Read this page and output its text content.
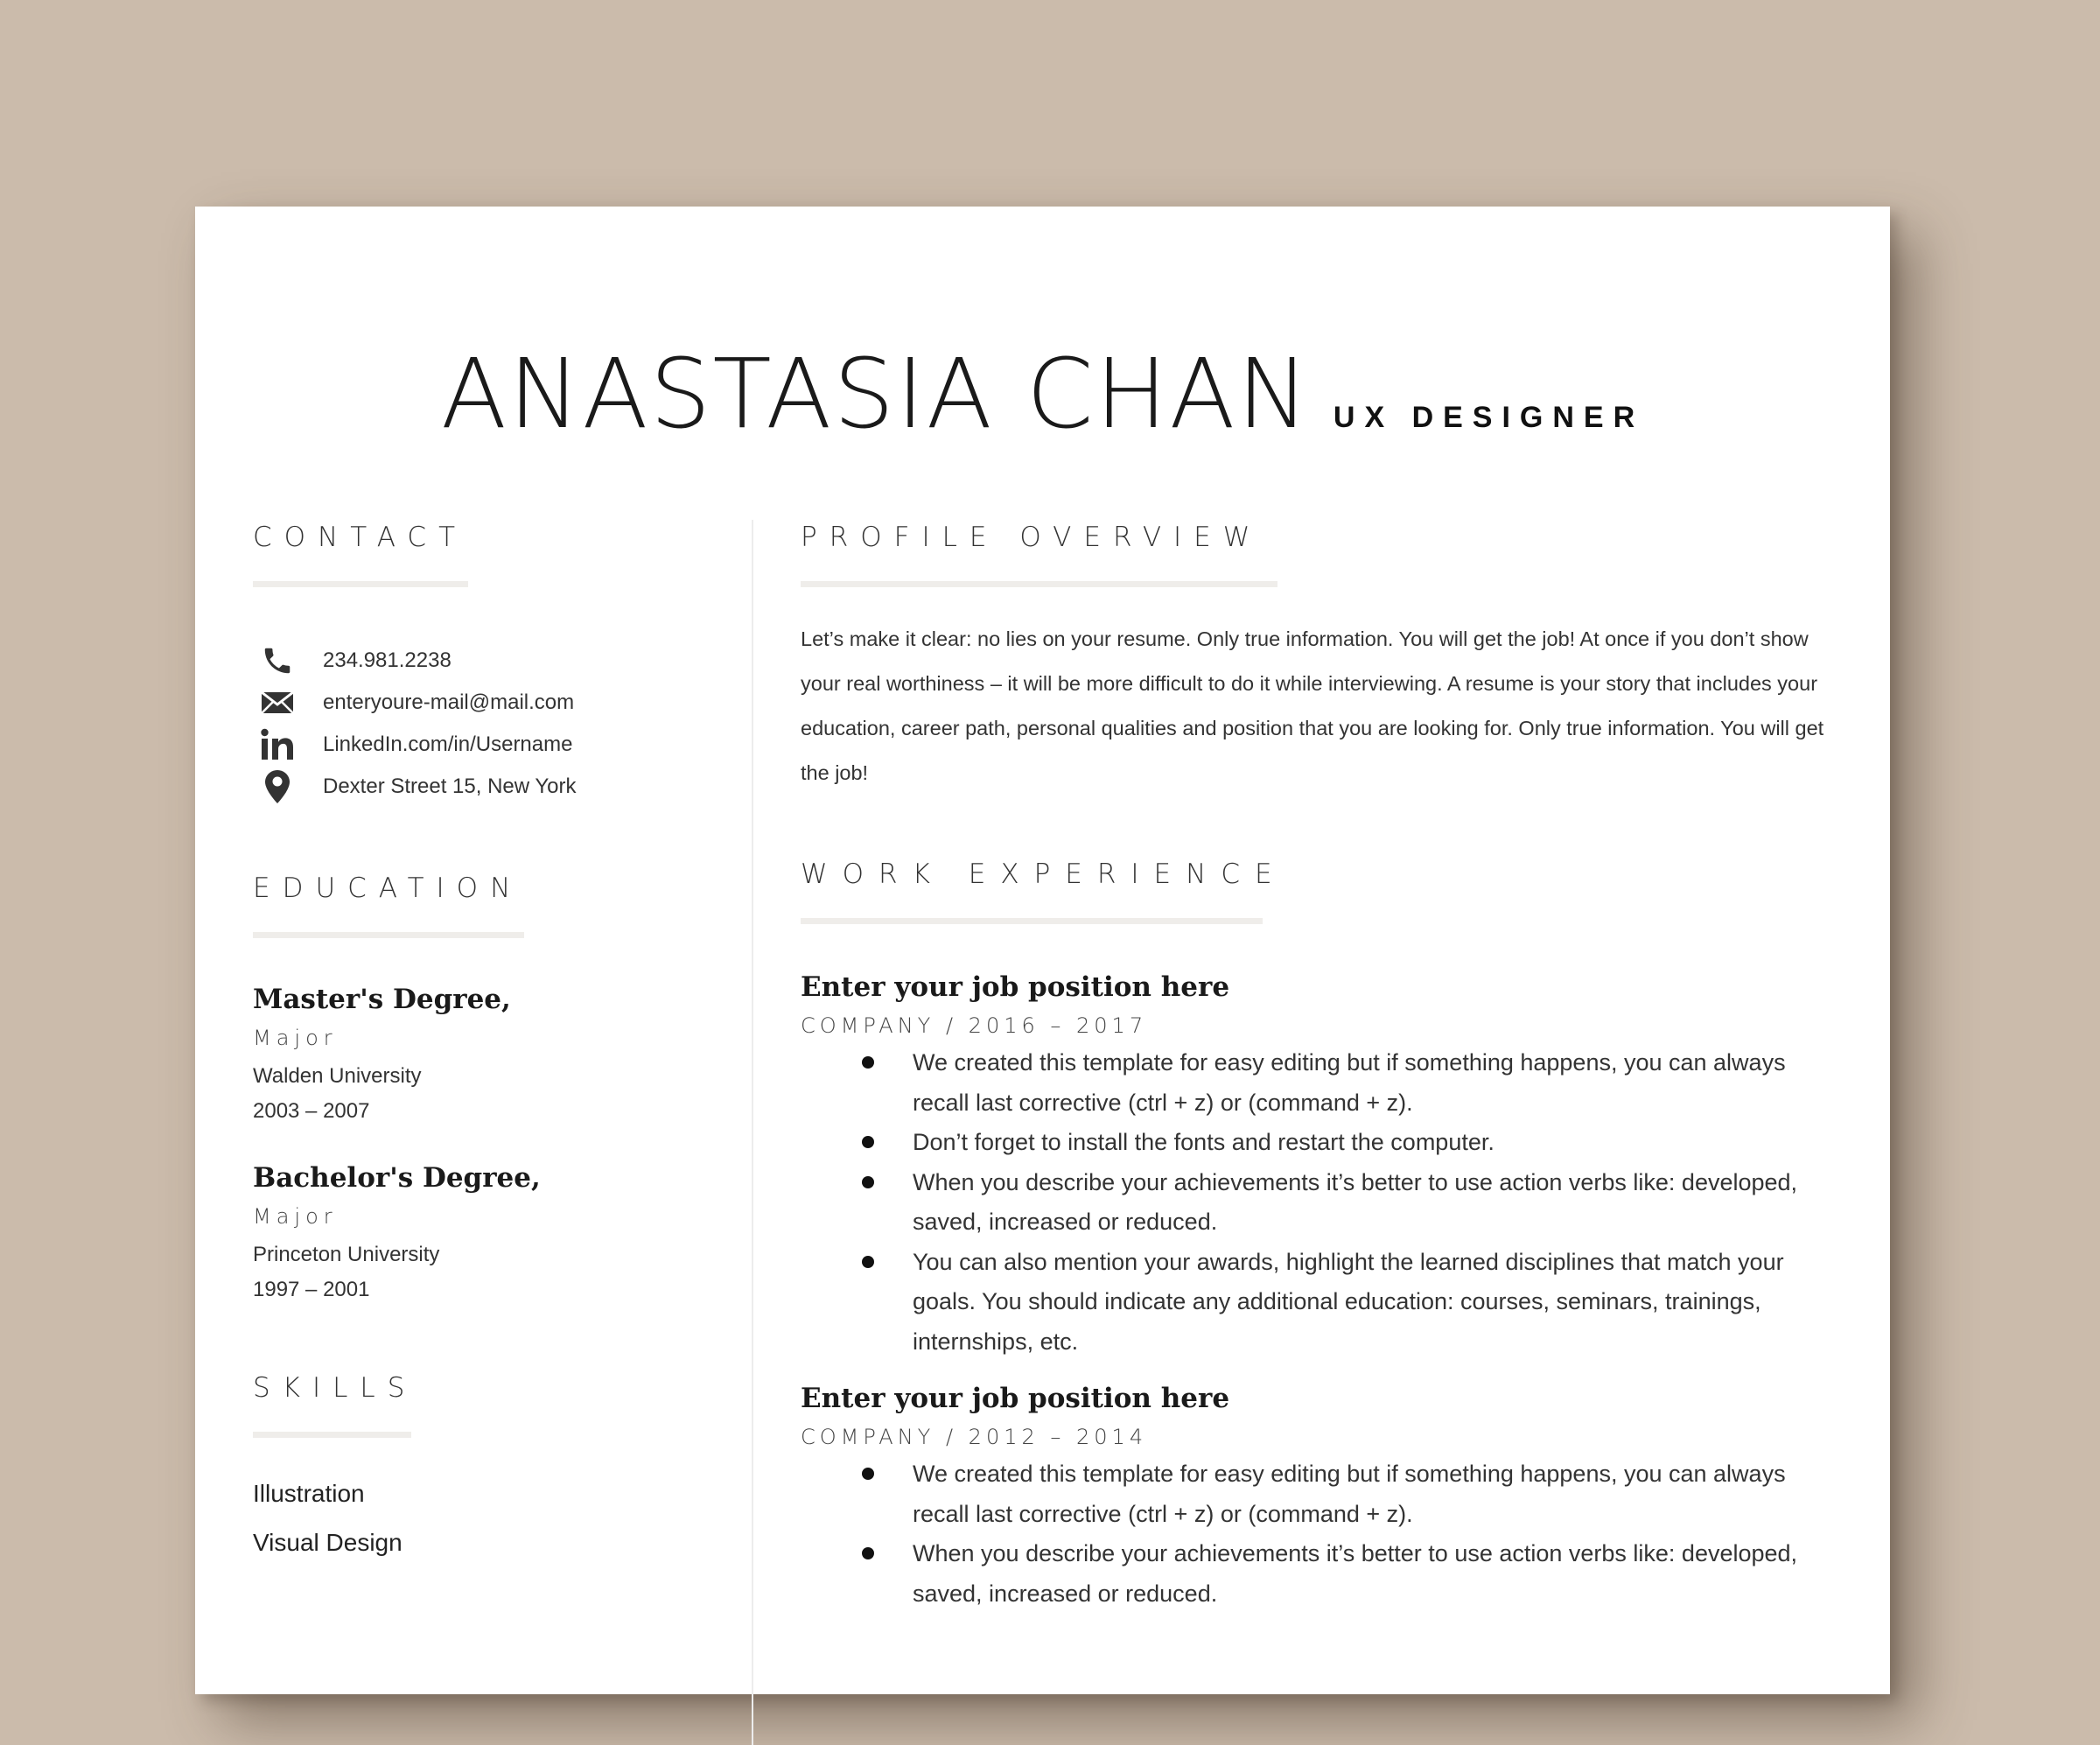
ANASTASIA CHAN UX DESIGNER
CONTACT
234.981.2238
enteryoure-mail@mail.com
LinkedIn.com/in/Username
Dexter Street 15, New York
EDUCATION
Master's Degree,
Major
Walden University
2003 – 2007
Bachelor's Degree,
Major
Princeton University
1997 – 2001
SKILLS
Illustration
Visual Design
PROFILE OVERVIEW

Let’s make it clear: no lies on your resume. Only true information. You will get the job! At once if you don’t show your real worthiness – it will be more difficult to do it while interviewing. A resume is your story that includes your education, career path, personal qualities and position that you are looking for. Only true information. You will get the job!

WORK EXPERIENCE
Enter your job position here
COMPANY / 2016 – 2017
We created this template for easy editing but if something happens, you can always recall last corrective (ctrl + z) or (command + z).
Don’t forget to install the fonts and restart the computer.
When you describe your achievements it’s better to use action verbs like: developed, saved, increased or reduced.
You can also mention your awards, highlight the learned disciplines that match your goals. You should indicate any additional education: courses, seminars, trainings, internships, etc.
Enter your job position here
COMPANY / 2012 – 2014
We created this template for easy editing but if something happens, you can always recall last corrective (ctrl + z) or (command + z).
When you describe your achievements it’s better to use action verbs like: developed, saved, increased or reduced.
